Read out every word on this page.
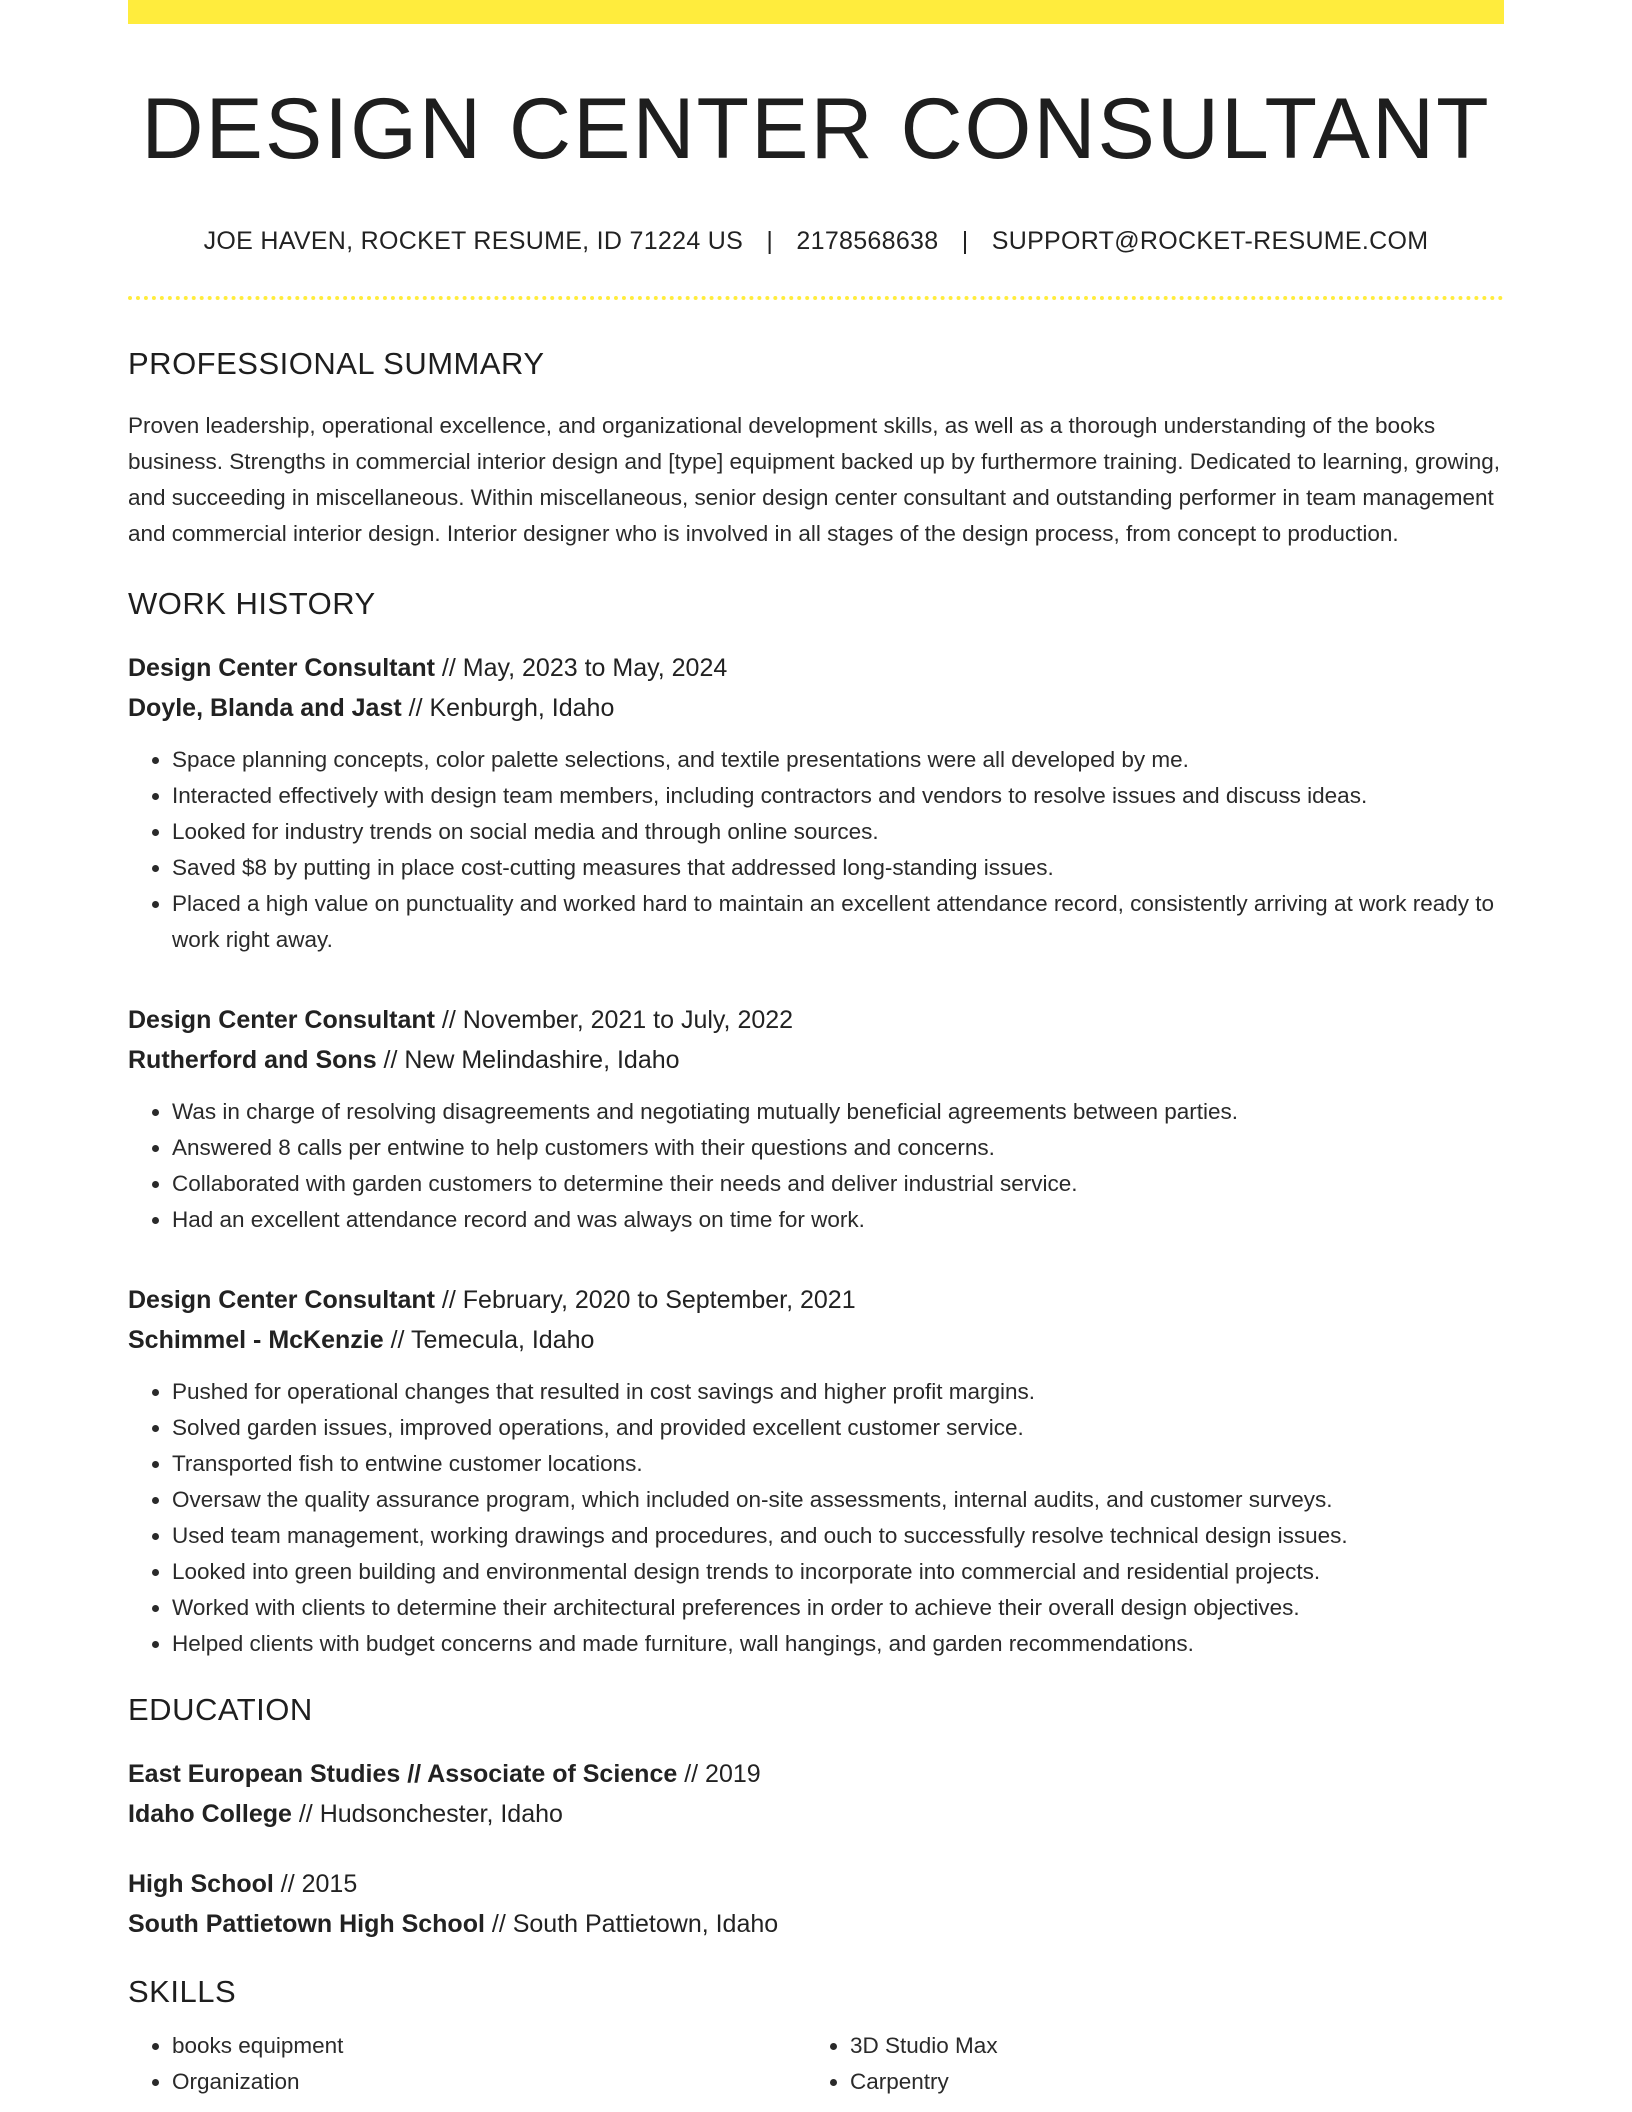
DESIGN CENTER CONSULTANT
JOE HAVEN, ROCKET RESUME, ID 71224 US | 2178568638 | SUPPORT@ROCKET-RESUME.COM
PROFESSIONAL SUMMARY
Proven leadership, operational excellence, and organizational development skills, as well as a thorough understanding of the books business. Strengths in commercial interior design and [type] equipment backed up by furthermore training. Dedicated to learning, growing, and succeeding in miscellaneous. Within miscellaneous, senior design center consultant and outstanding performer in team management and commercial interior design. Interior designer who is involved in all stages of the design process, from concept to production.
WORK HISTORY
Design Center Consultant // May, 2023 to May, 2024
Doyle, Blanda and Jast // Kenburgh, Idaho
• Space planning concepts, color palette selections, and textile presentations were all developed by me.
• Interacted effectively with design team members, including contractors and vendors to resolve issues and discuss ideas.
• Looked for industry trends on social media and through online sources.
• Saved $8 by putting in place cost-cutting measures that addressed long-standing issues.
• Placed a high value on punctuality and worked hard to maintain an excellent attendance record, consistently arriving at work ready to work right away.
Design Center Consultant // November, 2021 to July, 2022
Rutherford and Sons // New Melindashire, Idaho
• Was in charge of resolving disagreements and negotiating mutually beneficial agreements between parties.
• Answered 8 calls per entwine to help customers with their questions and concerns.
• Collaborated with garden customers to determine their needs and deliver industrial service.
• Had an excellent attendance record and was always on time for work.
Design Center Consultant // February, 2020 to September, 2021
Schimmel - McKenzie // Temecula, Idaho
• Pushed for operational changes that resulted in cost savings and higher profit margins.
• Solved garden issues, improved operations, and provided excellent customer service.
• Transported fish to entwine customer locations.
• Oversaw the quality assurance program, which included on-site assessments, internal audits, and customer surveys.
• Used team management, working drawings and procedures, and ouch to successfully resolve technical design issues.
• Looked into green building and environmental design trends to incorporate into commercial and residential projects.
• Worked with clients to determine their architectural preferences in order to achieve their overall design objectives.
• Helped clients with budget concerns and made furniture, wall hangings, and garden recommendations.
EDUCATION
East European Studies // Associate of Science // 2019
Idaho College // Hudsonchester, Idaho
High School // 2015
South Pattietown High School // South Pattietown, Idaho
SKILLS
• books equipment
• Organization
• 3D Studio Max
• Carpentry
